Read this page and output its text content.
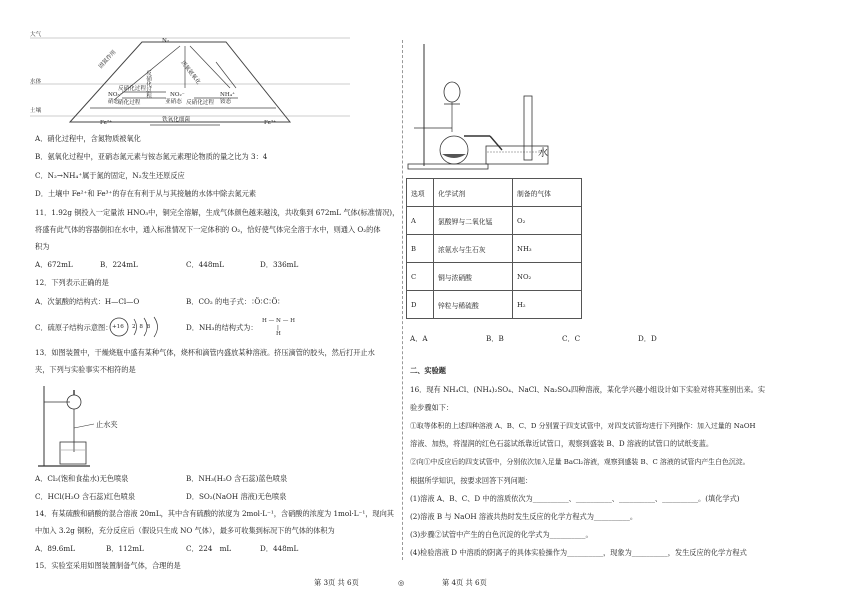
大气
水体
土壤
N₂
NO₃⁻
硝态
NO₂⁻
亚硝态
NH₄⁺
铵态
反硝化过程
硝化过程	反硝化过程
反硝化过程
固氮作用
厌氧氨氧化
Fe²⁺	Fe³⁺
铁氧化细菌
A．硝化过程中，含氮物质被氧化
B．氨氧化过程中，亚硝态氮元素与铵态氮元素理论物质的量之比为 3：4
C．N₂→NH₄⁺属于氮的固定，N₂发生还原反应
D．土壤中 Fe²⁺和 Fe³⁺的存在有利于从与其接触的水体中除去氮元素
11．1.92g 铜投入一定量浓 HNO₃中，铜完全溶解，生成气体颜色越来越浅，共收集到 672mL 气体(标准情况)，
将盛有此气体的容器倒扣在水中，通入标准情况下一定体积的 O₂，恰好使气体完全溶于水中，则通入 O₂的体
积为
A．672mL	B．224mL	C．448mL	D．336mL
12．下列表示正确的是
A．次氯酸的结构式：H—Cl—O	B．CO₂ 的电子式： ∶Ö∶C∶Ö∶
C．硫原子结构示意图： +16 2 8 8	D．NH₃的结构式为：
H — N — H
|
H
13．如图装置中，干燥烧瓶中盛有某种气体，烧杯和滴管内盛放某种溶液。挤压滴管的胶头，然后打开止水
夹，下列与实验事实不相符的是
止水夹
A．Cl₂(饱和食盐水)无色喷泉	B．NH₃(H₂O 含石蕊)蓝色喷泉
C．HCl(H₂O 含石蕊)红色喷泉	D．SO₂(NaOH 溶液)无色喷泉
14．有某硫酸和硝酸的混合溶液 20mL，其中含有硫酸的浓度为 2mol·L⁻¹，含硝酸的浓度为 1mol·L⁻¹，现向其
中加入 3.2g 铜粉，充分反应后（假设只生成 NO 气体），最多可收集到标况下的气体的体积为
A．89.6mL	B．112mL	C．224　mL	D．448mL
15．实验室采用如图装置制备气体，合理的是
水
选项	化学试剂	制备的气体
A	氯酸钾与二氧化锰	O₂
B	浓氨水与生石灰	NH₃
C	铜与浓硝酸	NO₂
D	锌粒与稀硫酸	H₂
A．A	B．B	C．C	D．D
二、实验题
16．现有 NH₄Cl、(NH₄)₂SO₄、NaCl、Na₂SO₄四种溶液，某化学兴趣小组设计如下实验对将其鉴别出来。实
验步骤如下：
①取等体积的上述四种溶液 A、B、C、D 分别置于四支试管中，对四支试管均进行下列操作：加入过量的 NaOH
溶液、加热，将湿润的红色石蕊试纸靠近试管口，观察到盛装 B、D 溶液的试管口的试纸变蓝。
②向①中反应后的四支试管中，分别依次加入足量 BaCl₂溶液，观察到盛装 B、C 溶液的试管内产生白色沉淀。
根据所学知识，按要求回答下列问题：
(1)溶液 A、B、C、D 中的溶质依次为__________、__________、__________、__________。(填化学式)
(2)溶液 B 与 NaOH 溶液共热时发生反应的化学方程式为__________。
(3)步骤②试管中产生的白色沉淀的化学式为__________。
(4)检验溶液 D 中溶质的阴离子的具体实验操作为__________，现象为__________，发生反应的化学方程式
第 3页 共 6页	◎	第 4页 共 6页
